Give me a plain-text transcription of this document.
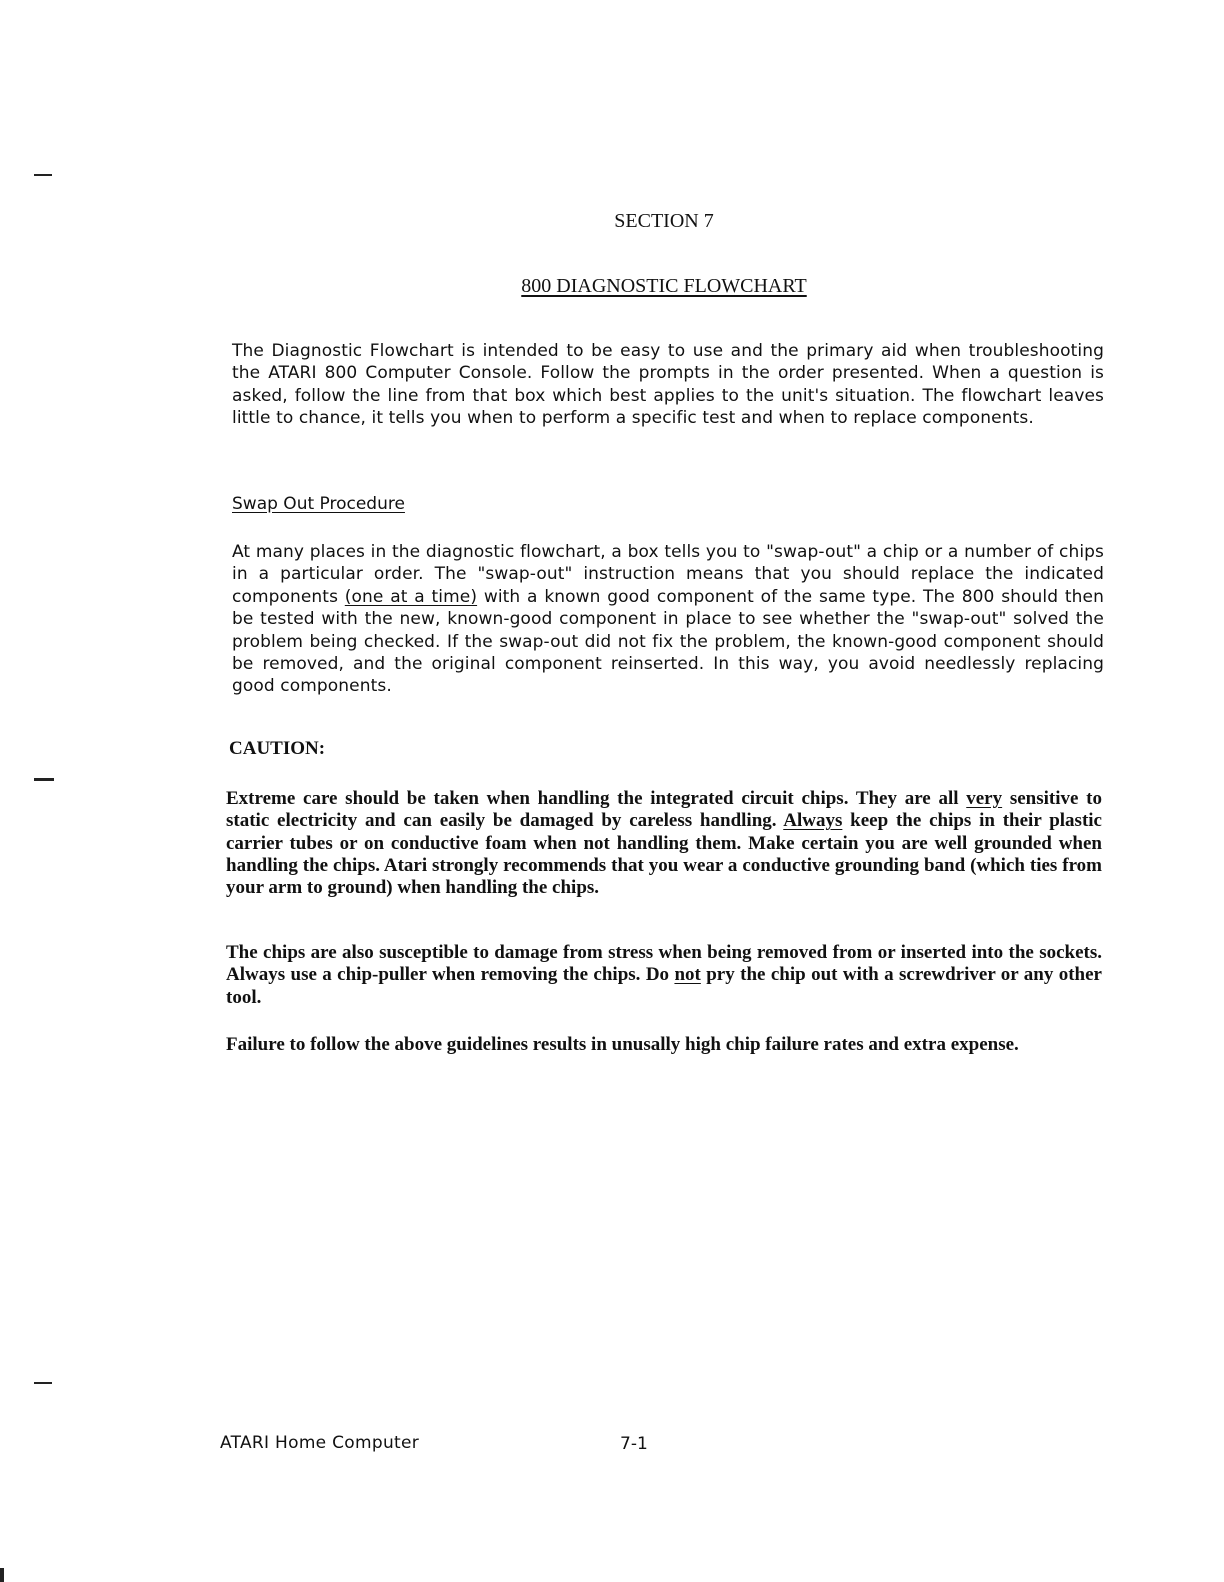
SECTION 7
800 DIAGNOSTIC FLOWCHART

The Diagnostic Flowchart is intended to be easy to use and the primary aid when troubleshooting the ATARI 800 Computer Console. Follow the prompts in the order presented. When a question is asked, follow the line from that box which best applies to the unit's situation. The flowchart leaves little to chance, it tells you when to perform a specific test and when to replace components.

Swap Out Procedure

At many places in the diagnostic flowchart, a box tells you to "swap-out" a chip or a number of chips in a particular order. The "swap-out" instruction means that you should replace the indicated components (one at a time) with a known good component of the same type. The 800 should then be tested with the new, known-good component in place to see whether the "swap-out" solved the problem being checked. If the swap-out did not fix the problem, the known-good component should be removed, and the original component reinserted. In this way, you avoid needlessly replacing good components.

CAUTION:

Extreme care should be taken when handling the integrated circuit chips. They are all very sensitive to static electricity and can easily be damaged by careless handling. Always keep the chips in their plastic carrier tubes or on conductive foam when not handling them. Make certain you are well grounded when handling the chips. Atari strongly recommends that you wear a conductive grounding band (which ties from your arm to ground) when handling the chips.

The chips are also susceptible to damage from stress when being removed from or inserted into the sockets. Always use a chip-puller when removing the chips. Do not pry the chip out with a screwdriver or any other tool.

Failure to follow the above guidelines results in unusally high chip failure rates and extra expense.

ATARI Home Computer	7-1
